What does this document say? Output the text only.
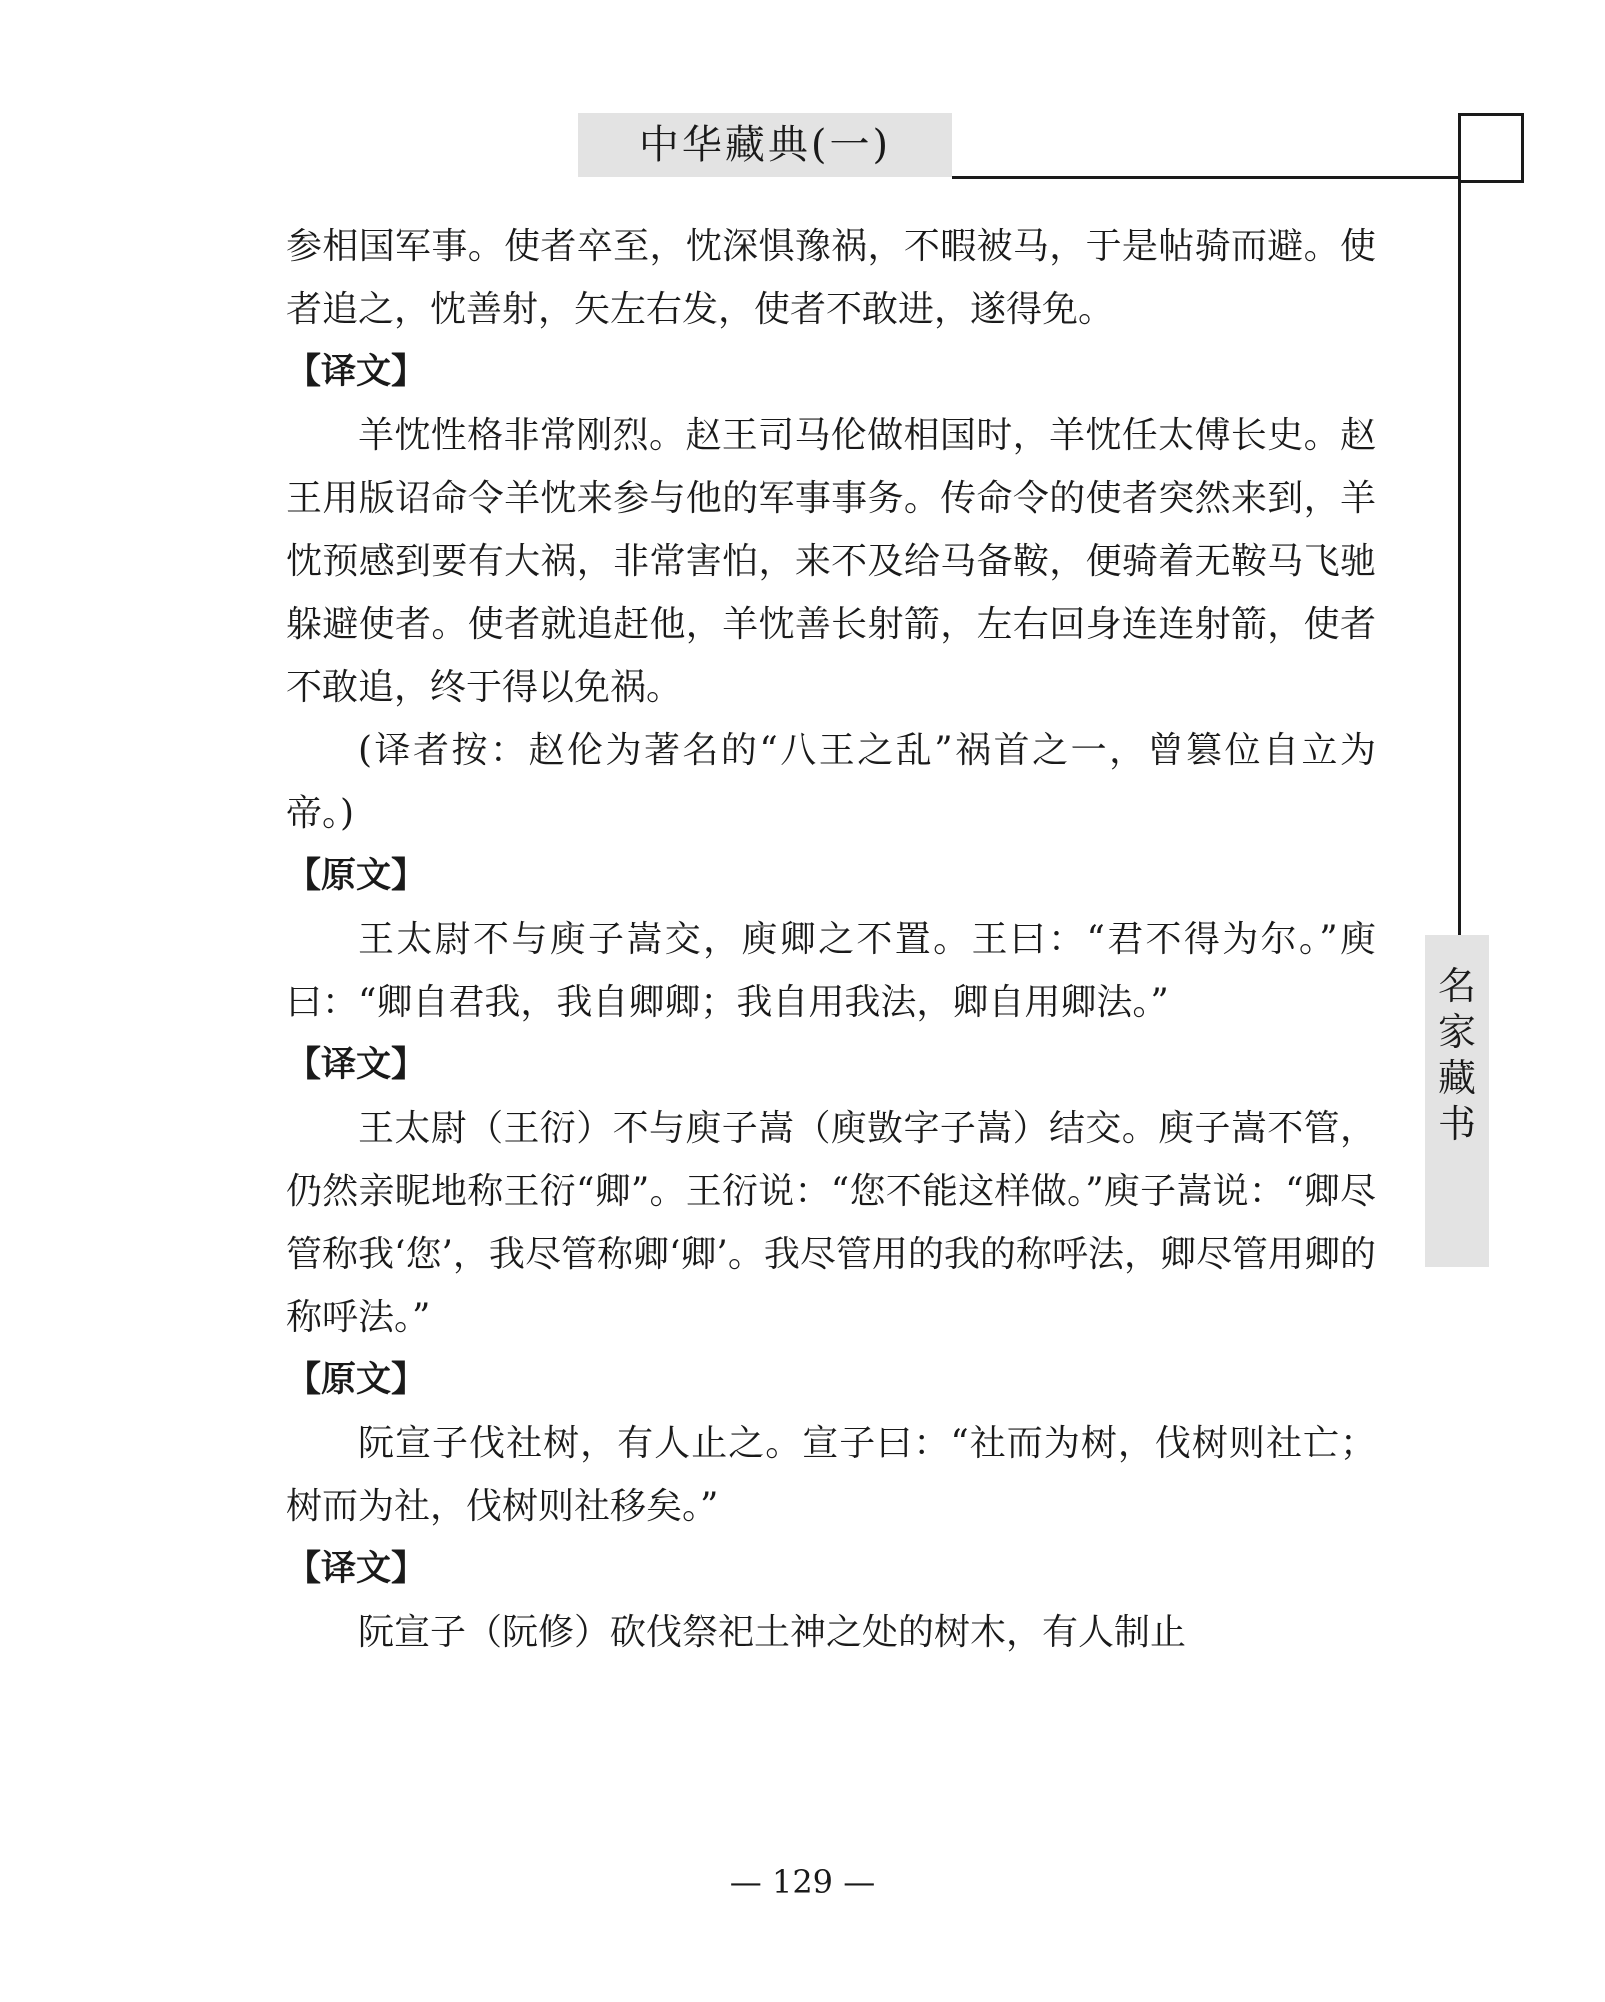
中华藏典(一)
名
家
藏
书

参相国军事。使者卒至，忱深惧豫祸，不暇被马，于是帖骑而避。使者追之，忱善射，矢左右发，使者不敢进，遂得免。

【译文】

羊忱性格非常刚烈。赵王司马伦做相国时，羊忱任太傅长史。赵王用版诏命令羊忱来参与他的军事事务。传命令的使者突然来到，羊忱预感到要有大祸，非常害怕，来不及给马备鞍，便骑着无鞍马飞驰躲避使者。使者就追赶他，羊忱善长射箭，左右回身连连射箭，使者不敢追，终于得以免祸。

(译者按：赵伦为著名的“八王之乱”祸首之一，曾篡位自立为帝。)

【原文】

王太尉不与庾子嵩交，庾卿之不置。王曰：“君不得为尔。”庾曰：“卿自君我，我自卿卿；我自用我法，卿自用卿法。”

【译文】

王太尉（王衍）不与庾子嵩（庾敳字子嵩）结交。庾子嵩不管，仍然亲昵地称王衍“卿”。王衍说：“您不能这样做。”庾子嵩说：“卿尽管称我‘您’，我尽管称卿‘卿’。我尽管用的我的称呼法，卿尽管用卿的称呼法。”

【原文】

阮宣子伐社树，有人止之。宣子曰：“社而为树，伐树则社亡；树而为社，伐树则社移矣。”

【译文】

阮宣子（阮修）砍伐祭祀土神之处的树木，有人制止

— 129 —
